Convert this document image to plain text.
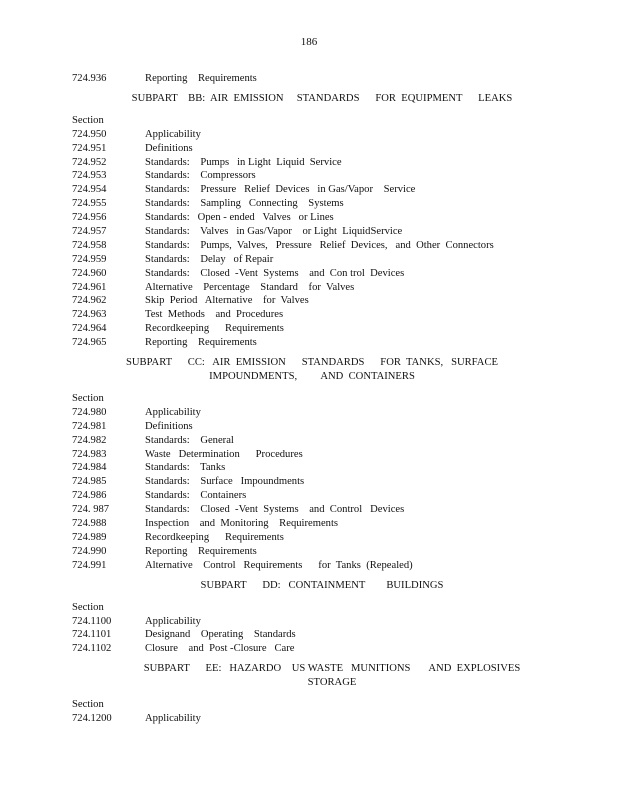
186
724.936	Reporting    Requirements
SUBPART    BB:  AIR  EMISSION     STANDARDS      FOR  EQUIPMENT      LEAKS
Section
724.950	Applicability
724.951	Definitions
724.952	Standards:    Pumps   in Light  Liquid  Service
724.953	Standards:    Compressors
724.954	Standards:    Pressure   Relief  Devices   in Gas/Vapor    Service
724.955	Standards:    Sampling   Connecting    Systems
724.956	Standards:   Open - ended   Valves   or Lines
724.957	Standards:    Valves   in Gas/Vapor    or Light  LiquidService
724.958	Standards:    Pumps,  Valves,   Pressure   Relief  Devices,   and  Other  Connectors
724.959	Standards:    Delay   of Repair
724.960	Standards:    Closed  -Vent  Systems    and  Con trol  Devices
724.961	Alternative    Percentage    Standard    for  Valves
724.962	Skip  Period   Alternative    for  Valves
724.963	Test  Methods    and  Procedures
724.964	Recordkeeping      Requirements
724.965	Reporting    Requirements
SUBPART      CC:   AIR  EMISSION      STANDARDS      FOR  TANKS,   SURFACE
IMPOUNDMENTS,         AND  CONTAINERS
Section
724.980	Applicability
724.981	Definitions
724.982	Standards:    General
724.983	Waste   Determination      Procedures
724.984	Standards:    Tanks
724.985	Standards:    Surface   Impoundments
724.986	Standards:    Containers
724. 987	Standards:    Closed  -Vent  Systems    and  Control   Devices
724.988	Inspection    and  Monitoring    Requirements
724.989	Recordkeeping      Requirements
724.990	Reporting    Requirements
724.991	Alternative    Control   Requirements      for  Tanks  (Repealed)
SUBPART      DD:   CONTAINMENT        BUILDINGS
Section
724.1100	Applicability
724.1101	Designand    Operating    Standards
724.1102	Closure    and  Post -Closure   Care
SUBPART      EE:   HAZARDO    US WASTE   MUNITIONS       AND  EXPLOSIVES
STORAGE
Section
724.1200	Applicability
